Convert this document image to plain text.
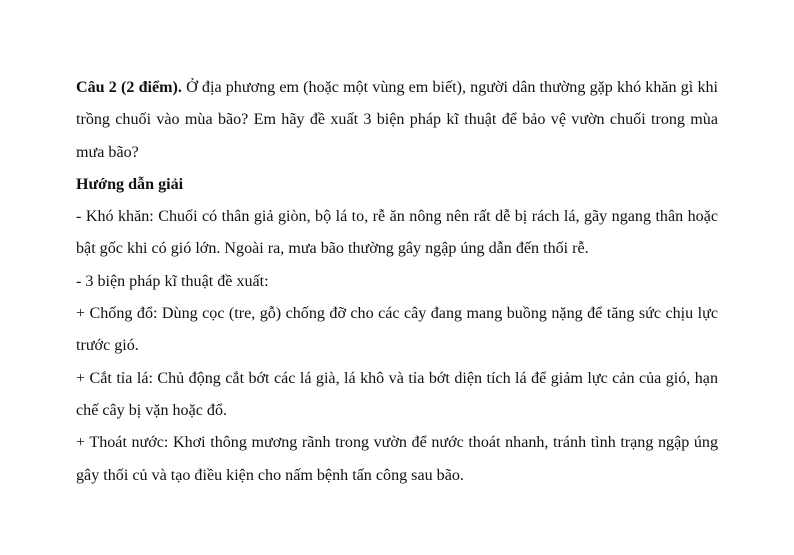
Câu 2 (2 điểm). Ở địa phương em (hoặc một vùng em biết), người dân thường gặp khó khăn gì khi trồng chuối vào mùa bão? Em hãy đề xuất 3 biện pháp kĩ thuật để bảo vệ vườn chuối trong mùa mưa bão?

Hướng dẫn giải

- Khó khăn: Chuối có thân giả giòn, bộ lá to, rễ ăn nông nên rất dễ bị rách lá, gãy ngang thân hoặc bật gốc khi có gió lớn. Ngoài ra, mưa bão thường gây ngập úng dẫn đến thối rễ.

- 3 biện pháp kĩ thuật đề xuất:

+ Chống đổ: Dùng cọc (tre, gỗ) chống đỡ cho các cây đang mang buồng nặng để tăng sức chịu lực trước gió.

+ Cắt tỉa lá: Chủ động cắt bớt các lá già, lá khô và tỉa bớt diện tích lá để giảm lực cản của gió, hạn chế cây bị vặn hoặc đổ.

+ Thoát nước: Khơi thông mương rãnh trong vườn để nước thoát nhanh, tránh tình trạng ngập úng gây thối củ và tạo điều kiện cho nấm bệnh tấn công sau bão.
